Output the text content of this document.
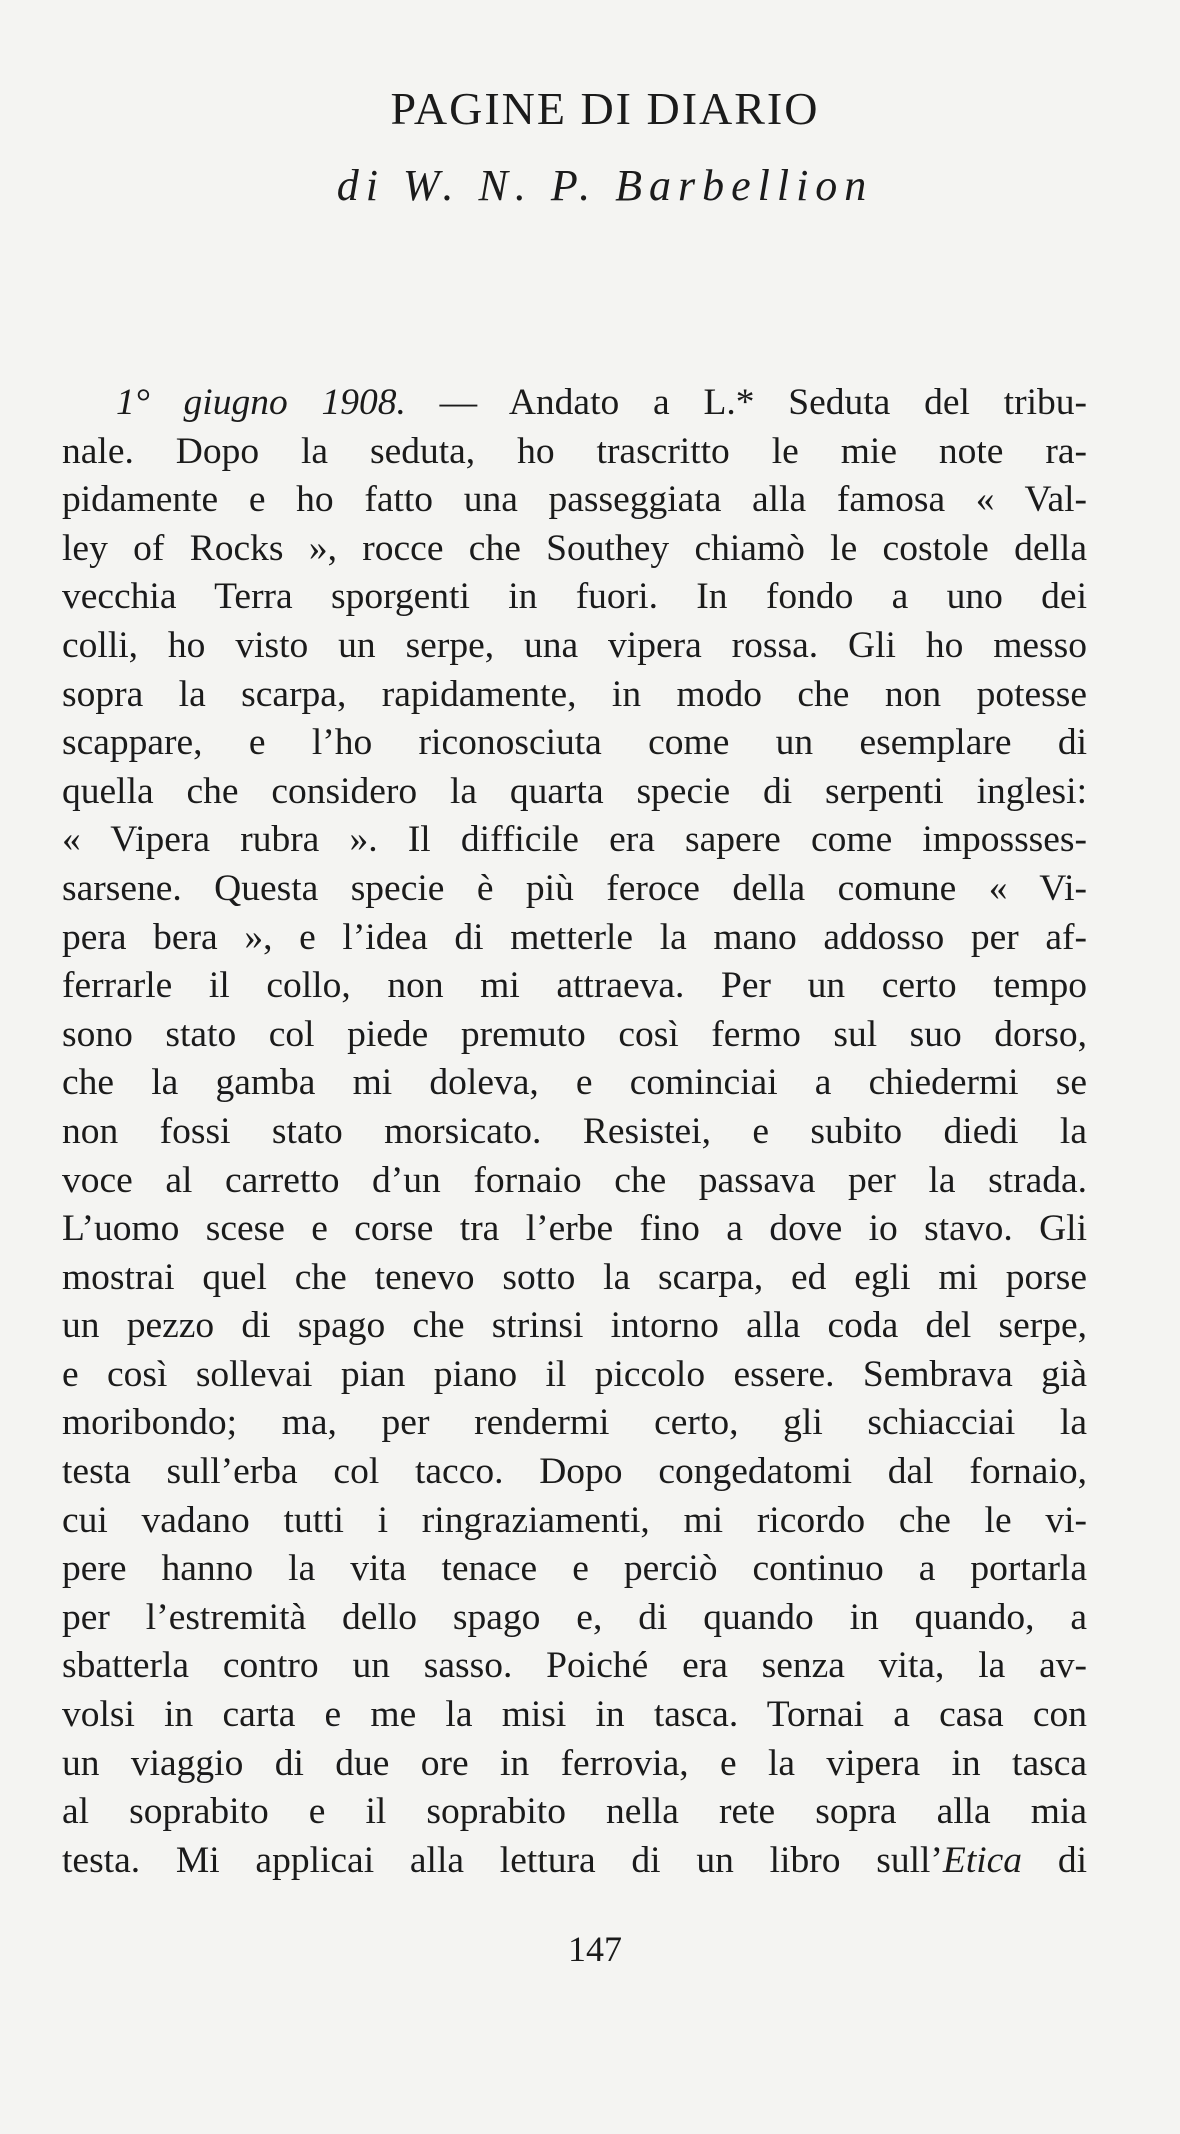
PAGINE DI DIARIO
di W. N. P. Barbellion
1° giugno 1908. — Andato a L.* Seduta del tribu-
nale. Dopo la seduta, ho trascritto le mie note ra-
pidamente e ho fatto una passeggiata alla famosa « Val-
ley of Rocks », rocce che Southey chiamò le costole della
vecchia Terra sporgenti in fuori. In fondo a uno dei
colli, ho visto un serpe, una vipera rossa. Gli ho messo
sopra la scarpa, rapidamente, in modo che non potesse
scappare, e l’ho riconosciuta come un esemplare di
quella che considero la quarta specie di serpenti inglesi:
« Vipera rubra ». Il difficile era sapere come impossses-
sarsene. Questa specie è più feroce della comune « Vi-
pera bera », e l’idea di metterle la mano addosso per af-
ferrarle il collo, non mi attraeva. Per un certo tempo
sono stato col piede premuto così fermo sul suo dorso,
che la gamba mi doleva, e cominciai a chiedermi se
non fossi stato morsicato. Resistei, e subito diedi la
voce al carretto d’un fornaio che passava per la strada.
L’uomo scese e corse tra l’erbe fino a dove io stavo. Gli
mostrai quel che tenevo sotto la scarpa, ed egli mi porse
un pezzo di spago che strinsi intorno alla coda del serpe,
e così sollevai pian piano il piccolo essere. Sembrava già
moribondo; ma, per rendermi certo, gli schiacciai la
testa sull’erba col tacco. Dopo congedatomi dal fornaio,
cui vadano tutti i ringraziamenti, mi ricordo che le vi-
pere hanno la vita tenace e perciò continuo a portarla
per l’estremità dello spago e, di quando in quando, a
sbatterla contro un sasso. Poiché era senza vita, la av-
volsi in carta e me la misi in tasca. Tornai a casa con
un viaggio di due ore in ferrovia, e la vipera in tasca
al soprabito e il soprabito nella rete sopra alla mia
testa. Mi applicai alla lettura di un libro sull’Etica di
147
